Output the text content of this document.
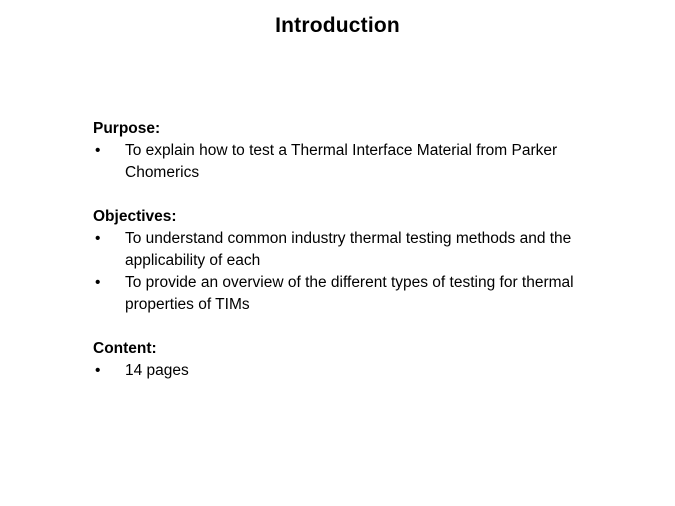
Introduction
Purpose:
• To explain how to test a Thermal Interface Material from Parker Chomerics
Objectives:
• To understand common industry thermal testing methods and the applicability of each
• To provide an overview of the different types of testing for thermal properties of TIMs
Content:
• 14 pages
